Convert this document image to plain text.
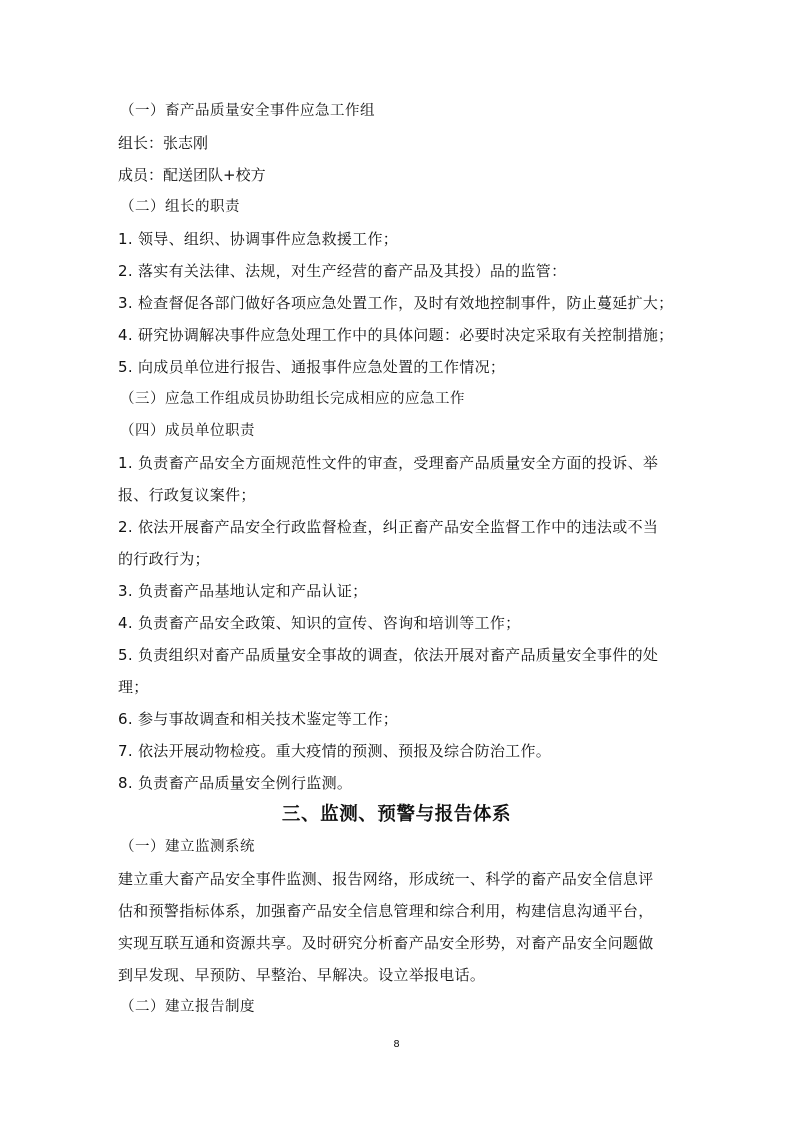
（一）畜产品质量安全事件应急工作组

组长：张志刚

成员：配送团队+校方

（二）组长的职责

1. 领导、组织、协调事件应急救援工作；

2. 落实有关法律、法规，对生产经营的畜产品及其投）品的监管：

3. 检查督促各部门做好各项应急处置工作，及时有效地控制事件，防止蔓延扩大；

4. 研究协调解决事件应急处理工作中的具体问题：必要时决定采取有关控制措施；

5. 向成员单位进行报告、通报事件应急处置的工作情况；

（三）应急工作组成员协助组长完成相应的应急工作

（四）成员单位职责

1. 负责畜产品安全方面规范性文件的审查，受理畜产品质量安全方面的投诉、举

报、行政复议案件；

2. 依法开展畜产品安全行政监督检查，纠正畜产品安全监督工作中的违法或不当

的行政行为；

3. 负责畜产品基地认定和产品认证；

4. 负责畜产品安全政策、知识的宣传、咨询和培训等工作；

5. 负责组织对畜产品质量安全事故的调查，依法开展对畜产品质量安全事件的处

理；

6. 参与事故调查和相关技术鉴定等工作；

7. 依法开展动物检疫。重大疫情的预测、预报及综合防治工作。

8. 负责畜产品质量安全例行监测。

三、监测、预警与报告体系

（一）建立监测系统

建立重大畜产品安全事件监测、报告网络，形成统一、科学的畜产品安全信息评

估和预警指标体系，加强畜产品安全信息管理和综合利用，构建信息沟通平台，

实现互联互通和资源共享。及时研究分析畜产品安全形势，对畜产品安全问题做

到早发现、早预防、早整治、早解决。设立举报电话。

（二）建立报告制度

8
